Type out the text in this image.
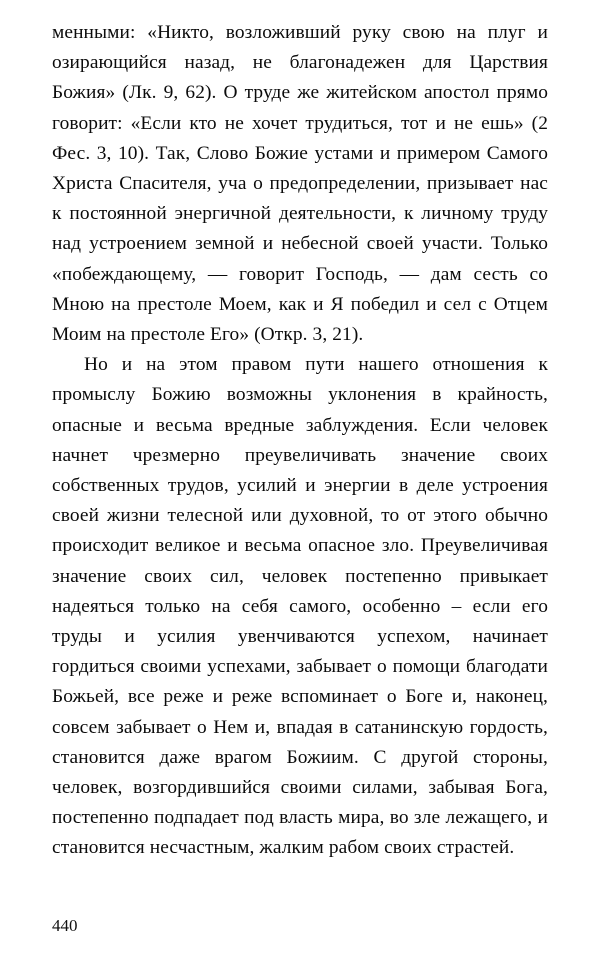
менными: «Никто, возложивший руку свою на плуг и озирающийся назад, не благонадежен для Царствия Божия» (Лк. 9, 62). О труде же житейском апостол прямо говорит: «Если кто не хочет трудиться, тот и не ешь» (2 Фес. 3, 10). Так, Слово Божие устами и примером Самого Христа Спасителя, уча о предопределении, призывает нас к постоянной энергичной деятельности, к личному труду над устроением земной и небесной своей участи. Только «побеждающему, — говорит Господь, — дам сесть со Мною на престоле Моем, как и Я победил и сел с Отцем Моим на престоле Его» (Откр. 3, 21).

Но и на этом правом пути нашего отношения к промыслу Божию возможны уклонения в крайность, опасные и весьма вредные заблуждения. Если человек начнет чрезмерно преувеличивать значение своих собственных трудов, усилий и энергии в деле устроения своей жизни телесной или духовной, то от этого обычно происходит великое и весьма опасное зло. Преувеличивая значение своих сил, человек постепенно привыкает надеяться только на себя самого, особенно – если его труды и усилия увенчиваются успехом, начинает гордиться своими успехами, забывает о помощи благодати Божьей, все реже и реже вспоминает о Боге и, наконец, совсем забывает о Нем и, впадая в сатанинскую гордость, становится даже врагом Божиим. С другой стороны, человек, возгордившийся своими силами, забывая Бога, постепенно подпадает под власть мира, во зле лежащего, и становится несчастным, жалким рабом своих страстей.

440
